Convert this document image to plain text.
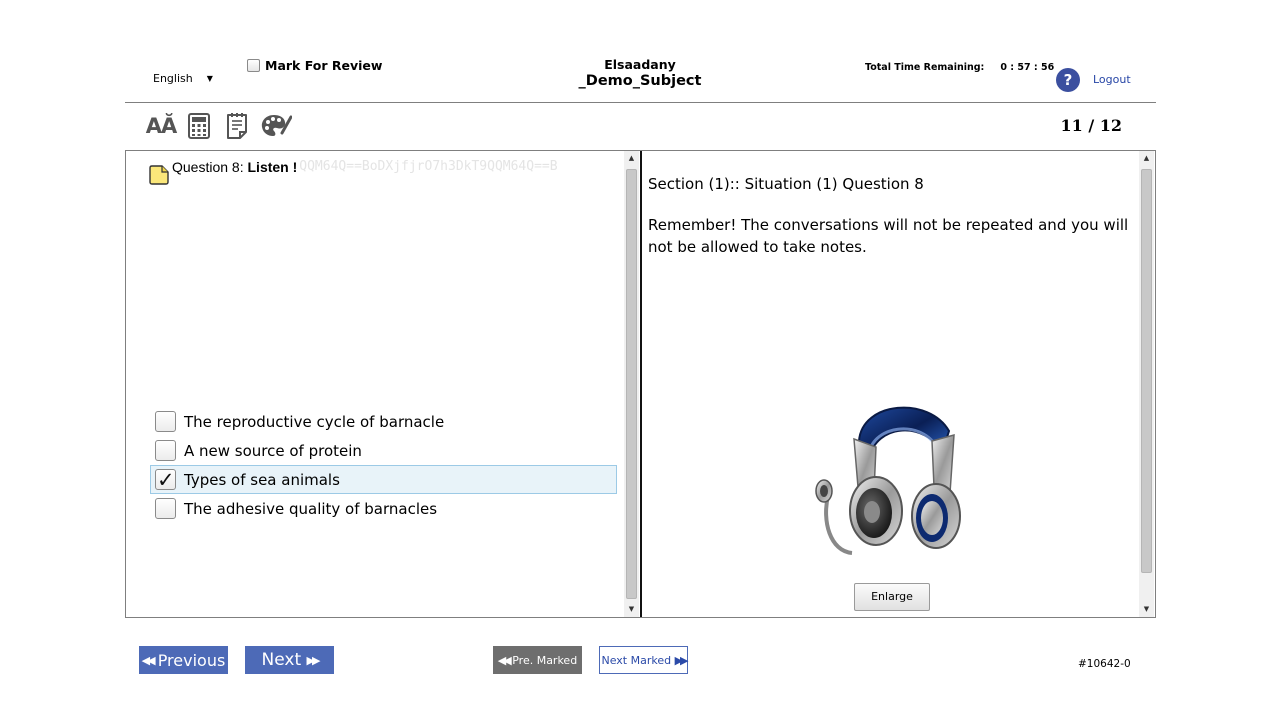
English ▼
Mark For Review	Elsaadany
_Demo_Subject
Total Time Remaining: 0 : 57 : 56
?	Logout
AĂ	11 / 12
Question 8: Listen ! QQM64Q==BoDXjfjrO7h3DkT9QQM64Q==B
The reproductive cycle of barnacle
A new source of protein
✓ Types of sea animals
The adhesive quality of barnacles
▲
▼
Section (1):: Situation (1) Question 8
Remember! The conversations will not be repeated and you will not be allowed to take notes.
Enlarge
▲
▼
◀◀
Previous Next
▶▶	◀◀
Pre. Marked Next Marked
▶▶	#10642-0
